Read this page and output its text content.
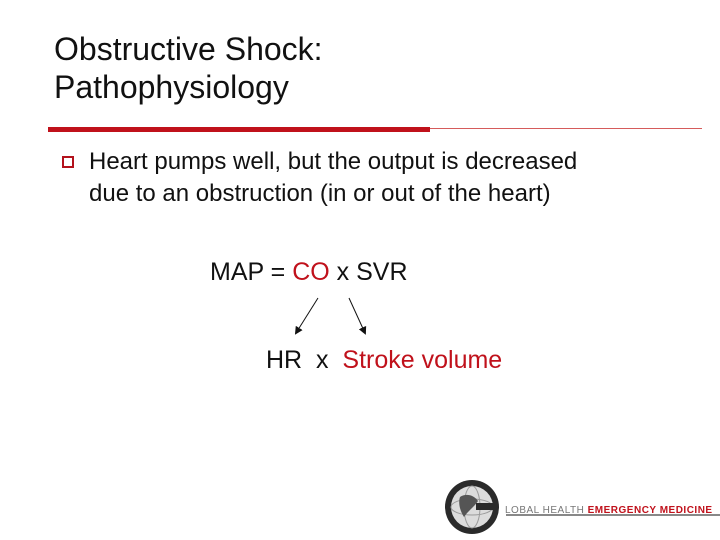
Obstructive Shock:
Pathophysiology
Heart pumps well, but the output is decreased
due to an obstruction (in or out of the heart)
MAP = CO x SVR
HR  x  Stroke volume
LOBAL HEALTH EMERGENCY MEDICINE
